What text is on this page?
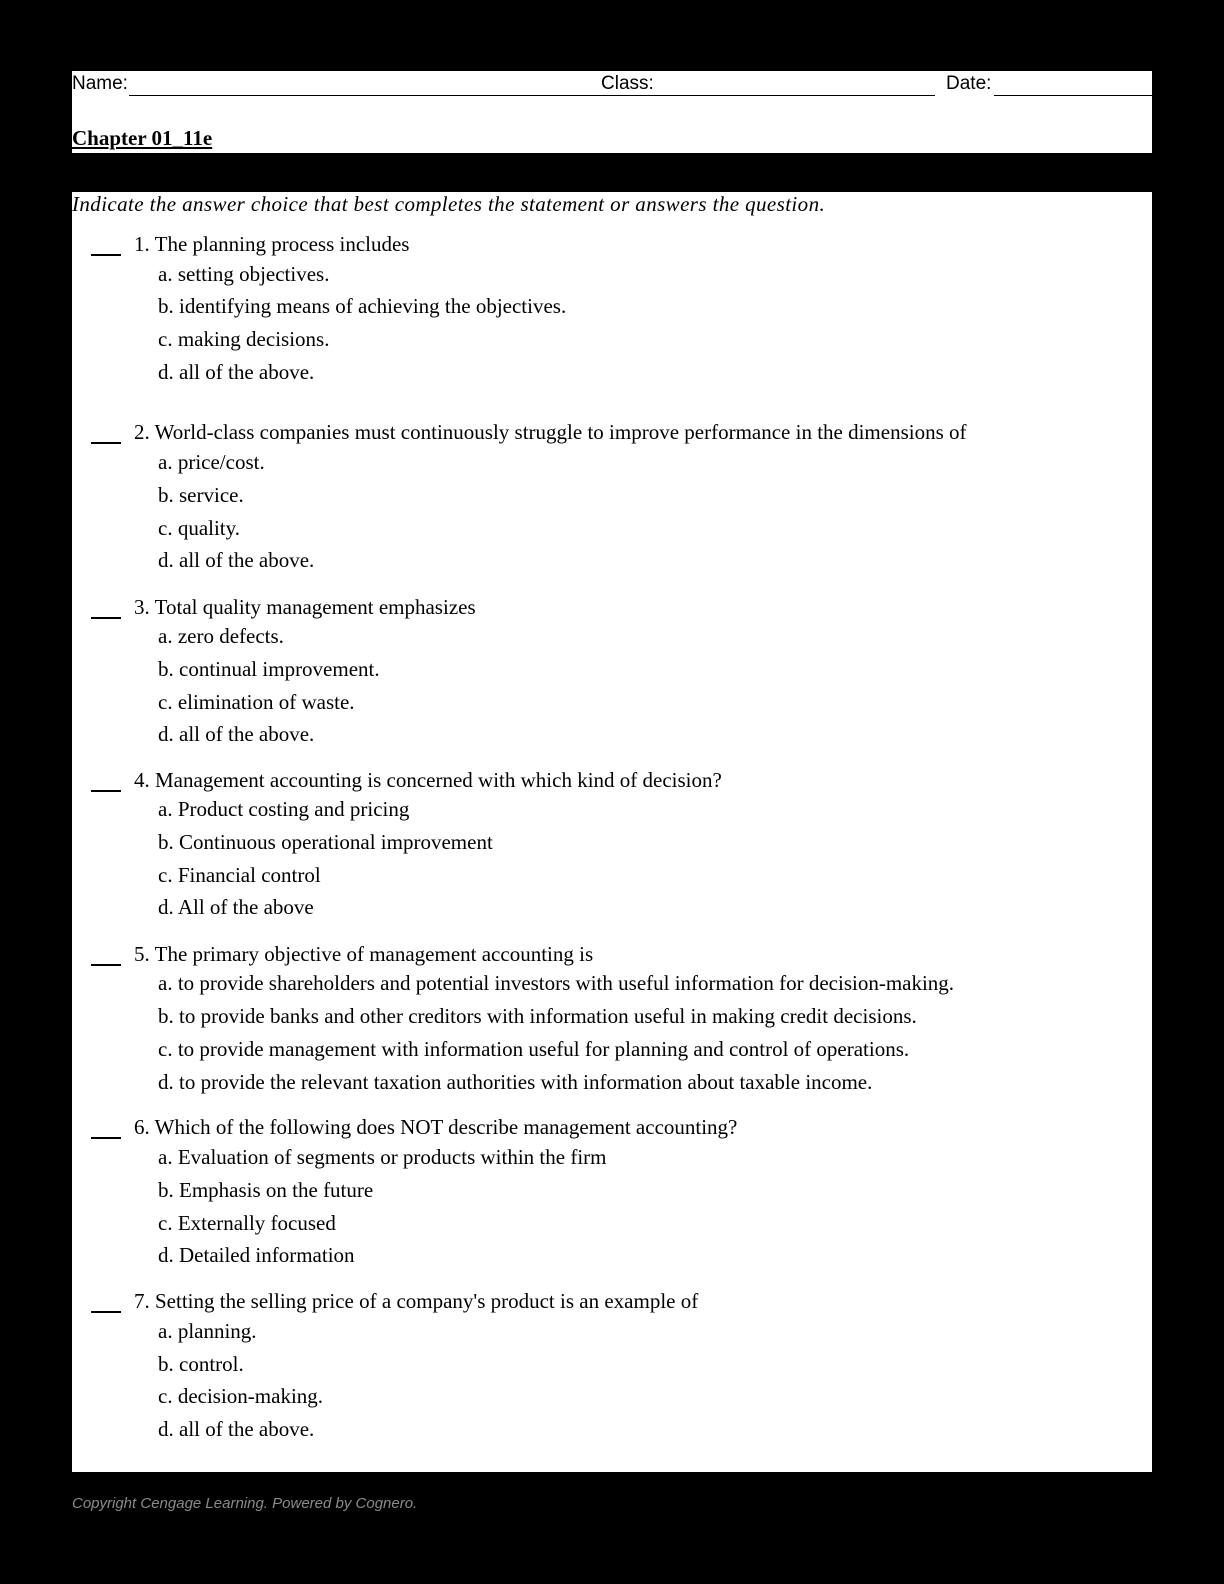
Name:	Class:	Date:
Chapter 01_11e
Indicate the answer choice that best completes the statement or answers the question.
1. The planning process includes
a. setting objectives.
b. identifying means of achieving the objectives.
c. making decisions.
d. all of the above.
2. World-class companies must continuously struggle to improve performance in the dimensions of
a. price/cost.
b. service.
c. quality.
d. all of the above.
3. Total quality management emphasizes
a. zero defects.
b. continual improvement.
c. elimination of waste.
d. all of the above.
4. Management accounting is concerned with which kind of decision?
a. Product costing and pricing
b. Continuous operational improvement
c. Financial control
d. All of the above
5. The primary objective of management accounting is
a. to provide shareholders and potential investors with useful information for decision-making.
b. to provide banks and other creditors with information useful in making credit decisions.
c. to provide management with information useful for planning and control of operations.
d. to provide the relevant taxation authorities with information about taxable income.
6. Which of the following does NOT describe management accounting?
a. Evaluation of segments or products within the firm
b. Emphasis on the future
c. Externally focused
d. Detailed information
7. Setting the selling price of a company's product is an example of
a. planning.
b. control.
c. decision-making.
d. all of the above.
Copyright Cengage Learning. Powered by Cognero.
